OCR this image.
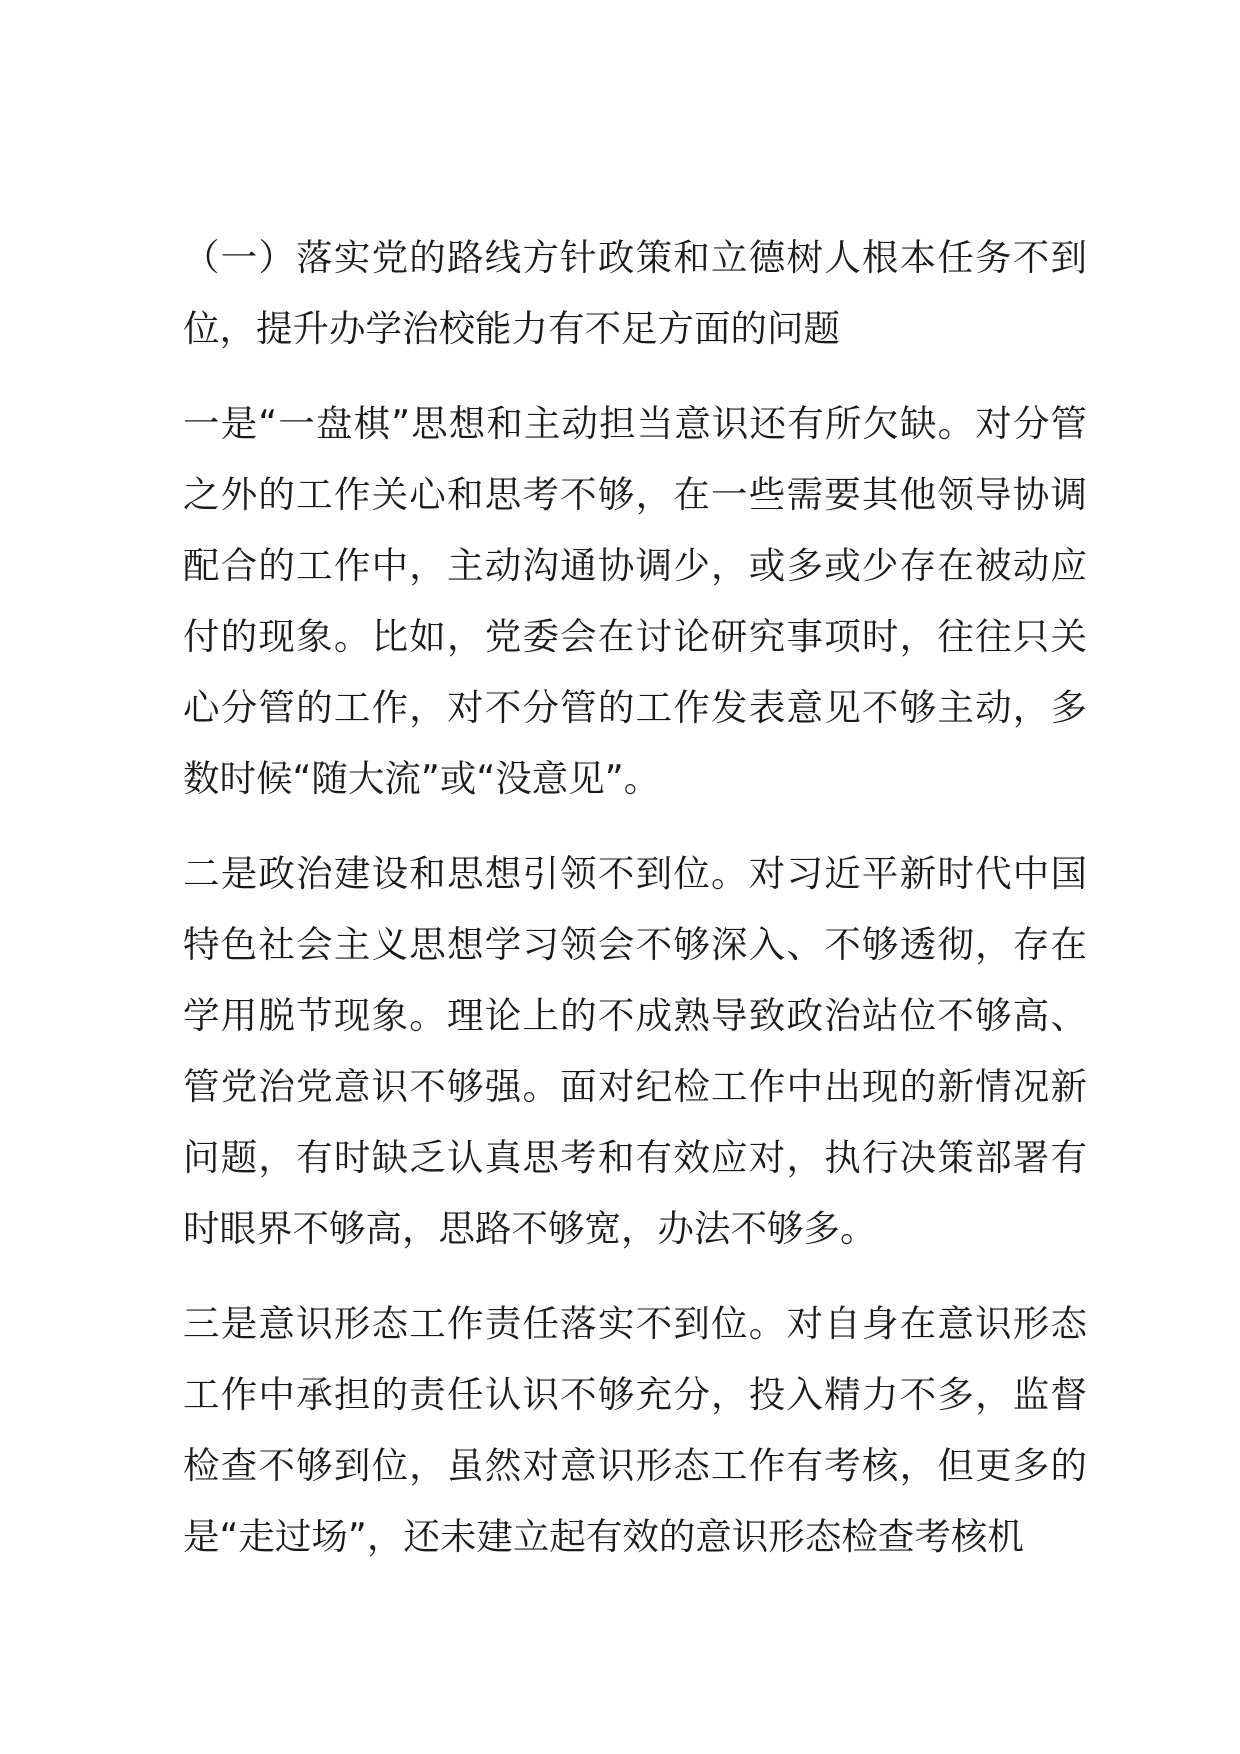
（一）落实党的路线方针政策和立德树人根本任务不到位，提升办学治校能力有不足方面的问题

一是“一盘棋”思想和主动担当意识还有所欠缺。对分管之外的工作关心和思考不够，在一些需要其他领导协调配合的工作中，主动沟通协调少，或多或少存在被动应付的现象。比如，党委会在讨论研究事项时，往往只关心分管的工作，对不分管的工作发表意见不够主动，多数时候“随大流”或“没意见”。

二是政治建设和思想引领不到位。对习近平新时代中国特色社会主义思想学习领会不够深入、不够透彻，存在学用脱节现象。理论上的不成熟导致政治站位不够高、管党治党意识不够强。面对纪检工作中出现的新情况新问题，有时缺乏认真思考和有效应对，执行决策部署有时眼界不够高，思路不够宽，办法不够多。

三是意识形态工作责任落实不到位。对自身在意识形态工作中承担的责任认识不够充分，投入精力不多，监督检查不够到位，虽然对意识形态工作有考核，但更多的是“走过场”，还未建立起有效的意识形态检查考核机
